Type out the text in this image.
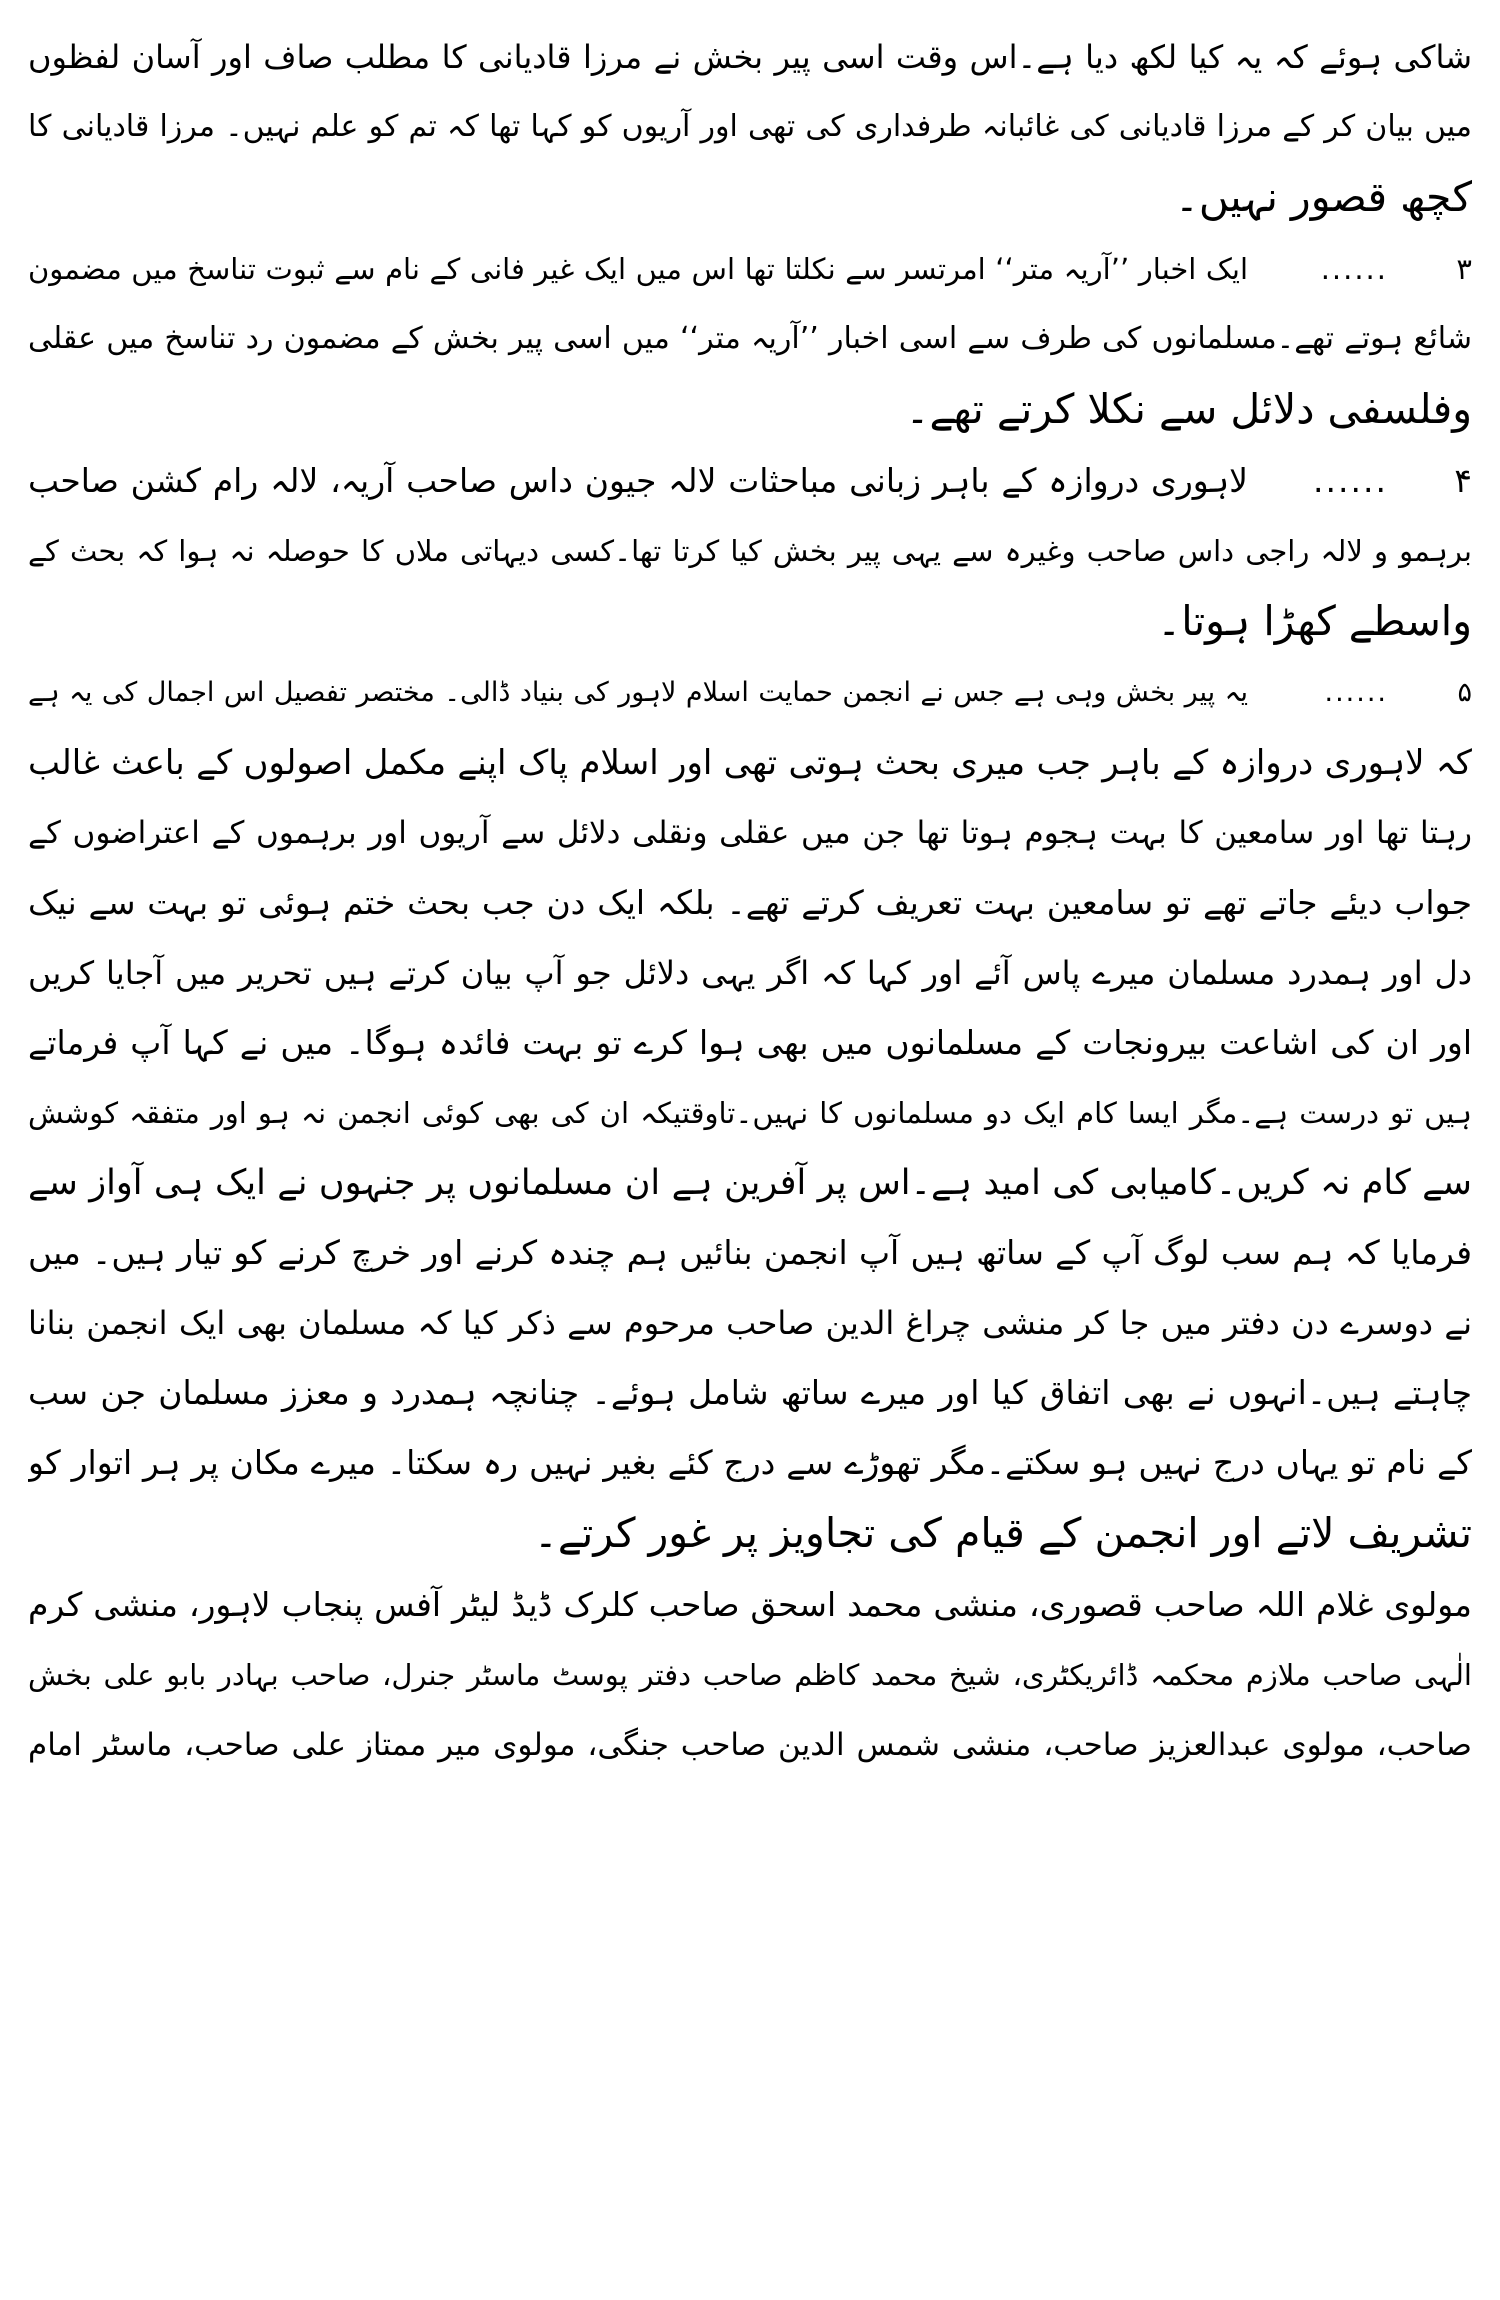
شاکی ہوئے کہ یہ کیا لکھ دیا ہے۔اس وقت اسی پیر بخش نے مرزا قادیانی کا مطلب صاف اور آسان لفظوں
میں بیان کر کے مرزا قادیانی کی غائبانہ طرفداری کی تھی اور آریوں کو کہا تھا کہ تم کو علم نہیں۔ مرزا قادیانی کا
کچھ قصور نہیں۔
۳......ایک اخبار ’’آریہ متر‘‘ امرتسر سے نکلتا تھا اس میں ایک غیر فانی کے نام سے ثبوت تناسخ میں مضمون
شائع ہوتے تھے۔مسلمانوں کی طرف سے اسی اخبار ’’آریہ متر‘‘ میں اسی پیر بخش کے مضمون رد تناسخ میں عقلی
وفلسفی دلائل سے نکلا کرتے تھے۔
۴......لاہوری دروازہ کے باہر زبانی مباحثات لالہ جیون داس صاحب آریہ، لالہ رام کشن صاحب
برہمو و لالہ راجی داس صاحب وغیرہ سے یہی پیر بخش کیا کرتا تھا۔کسی دیہاتی ملاں کا حوصلہ نہ ہوا کہ بحث کے
واسطے کھڑا ہوتا۔
۵......یہ پیر بخش وہی ہے جس نے انجمن حمایت اسلام لاہور کی بنیاد ڈالی۔ مختصر تفصیل اس اجمال کی یہ ہے
کہ لاہوری دروازہ کے باہر جب میری بحث ہوتی تھی اور اسلام پاک اپنے مکمل اصولوں کے باعث غالب
رہتا تھا اور سامعین کا بہت ہجوم ہوتا تھا جن میں عقلی ونقلی دلائل سے آریوں اور برہموں کے اعتراضوں کے
جواب دیئے جاتے تھے تو سامعین بہت تعریف کرتے تھے۔ بلکہ ایک دن جب بحث ختم ہوئی تو بہت سے نیک
دل اور ہمدرد مسلمان میرے پاس آئے اور کہا کہ اگر یہی دلائل جو آپ بیان کرتے ہیں تحریر میں آجایا کریں
اور ان کی اشاعت بیرونجات کے مسلمانوں میں بھی ہوا کرے تو بہت فائدہ ہوگا۔ میں نے کہا آپ فرماتے
ہیں تو درست ہے۔مگر ایسا کام ایک دو مسلمانوں کا نہیں۔تاوقتیکہ ان کی بھی کوئی انجمن نہ ہو اور متفقہ کوشش
سے کام نہ کریں۔کامیابی کی امید ہے۔اس پر آفرین ہے ان مسلمانوں پر جنہوں نے ایک ہی آواز سے
فرمایا کہ ہم سب لوگ آپ کے ساتھ ہیں آپ انجمن بنائیں ہم چندہ کرنے اور خرچ کرنے کو تیار ہیں۔ میں
نے دوسرے دن دفتر میں جا کر منشی چراغ الدین صاحب مرحوم سے ذکر کیا کہ مسلمان بھی ایک انجمن بنانا
چاہتے ہیں۔انہوں نے بھی اتفاق کیا اور میرے ساتھ شامل ہوئے۔ چنانچہ ہمدرد و معزز مسلمان جن سب
کے نام تو یہاں درج نہیں ہو سکتے۔مگر تھوڑے سے درج کئے بغیر نہیں رہ سکتا۔ میرے مکان پر ہر اتوار کو
تشریف لاتے اور انجمن کے قیام کی تجاویز پر غور کرتے۔
مولوی غلام اللہ صاحب قصوری، منشی محمد اسحق صاحب کلرک ڈیڈ لیٹر آفس پنجاب لاہور، منشی کرم
الٰہی صاحب ملازم محکمہ ڈائریکٹری، شیخ محمد کاظم صاحب دفتر پوسٹ ماسٹر جنرل، صاحب بہادر بابو علی بخش
صاحب، مولوی عبدالعزیز صاحب، منشی شمس الدین صاحب جنگی، مولوی میر ممتاز علی صاحب، ماسٹر امام
